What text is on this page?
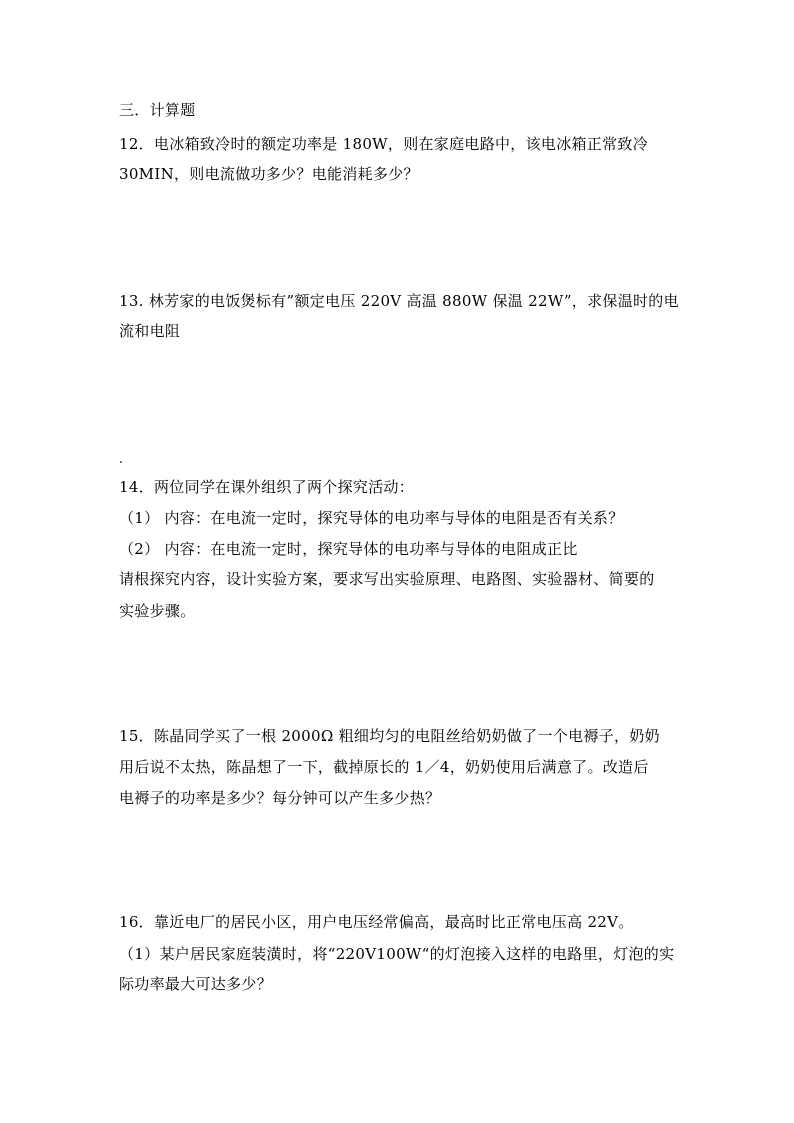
三．计算题
12．电冰箱致冷时的额定功率是 180W，则在家庭电路中，该电冰箱正常致冷
30MIN，则电流做功多少？电能消耗多少？
13. 林芳家的电饭煲标有”额定电压 220V 高温 880W 保温 22W”，求保温时的电
流和电阻
14．两位同学在课外组织了两个探究活动：
（1） 内容：在电流一定时，探究导体的电功率与导体的电阻是否有关系？
（2） 内容：在电流一定时，探究导体的电功率与导体的电阻成正比
请根探究内容，设计实验方案，要求写出实验原理、电路图、实验器材、简要的
实验步骤。
15．陈晶同学买了一根 2000Ω 粗细均匀的电阻丝给奶奶做了一个电褥子，奶奶
用后说不太热，陈晶想了一下，截掉原长的 1／4，奶奶使用后满意了。改造后
电褥子的功率是多少？每分钟可以产生多少热？
16．靠近电厂的居民小区，用户电压经常偏高，最高时比正常电压高 22V。
（1）某户居民家庭装潢时，将“220V100W“的灯泡接入这样的电路里，灯泡的实
际功率最大可达多少？
